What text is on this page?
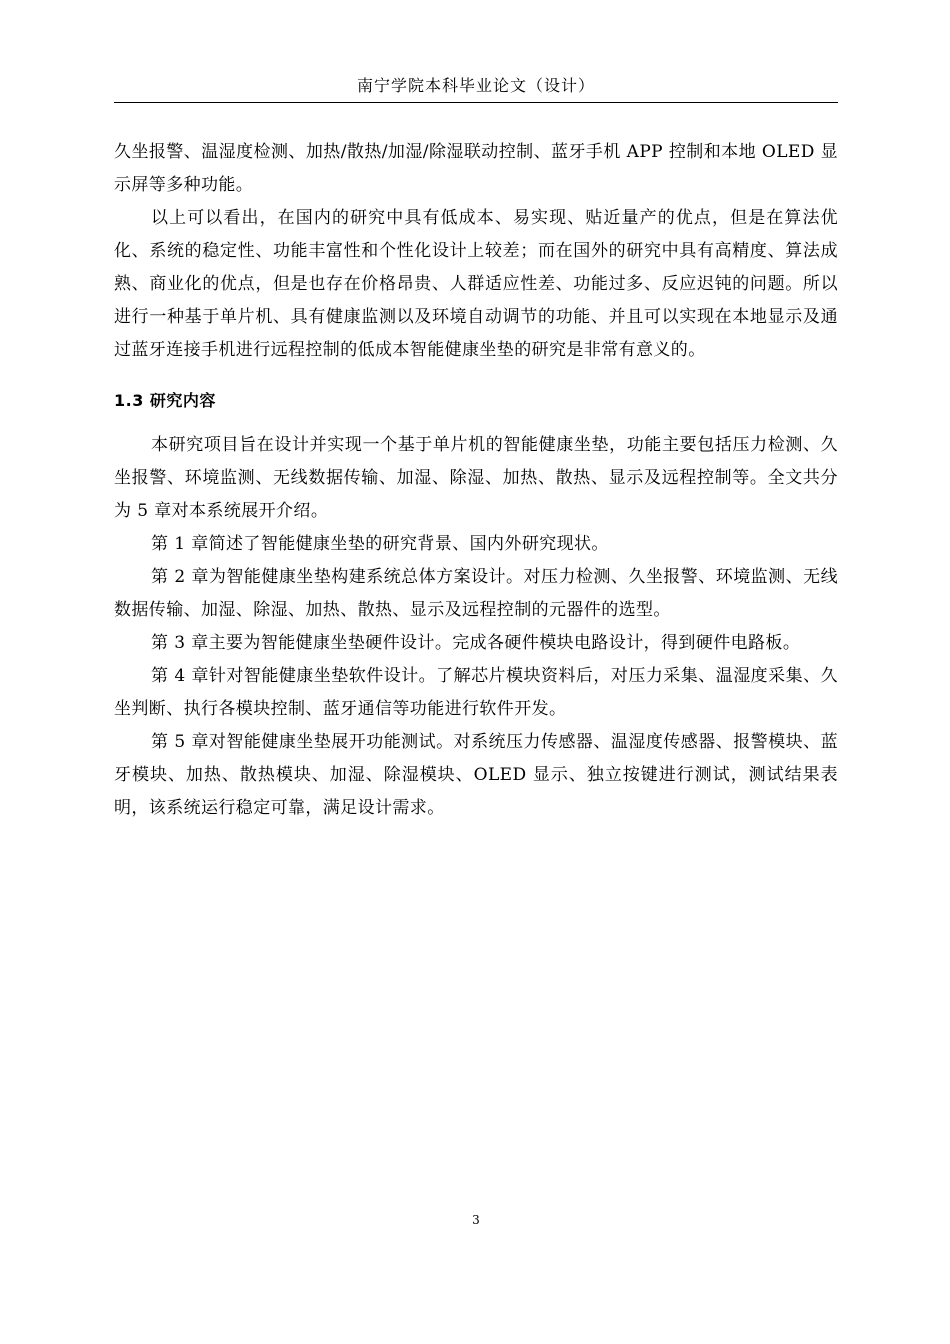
南宁学院本科毕业论文（设计）

久坐报警、温湿度检测、加热/散热/加湿/除湿联动控制、蓝牙手机 APP 控制和本地 OLED 显示屏等多种功能。

以上可以看出，在国内的研究中具有低成本、易实现、贴近量产的优点，但是在算法优化、系统的稳定性、功能丰富性和个性化设计上较差；而在国外的研究中具有高精度、算法成熟、商业化的优点，但是也存在价格昂贵、人群适应性差、功能过多、反应迟钝的问题。所以进行一种基于单片机、具有健康监测以及环境自动调节的功能、并且可以实现在本地显示及通过蓝牙连接手机进行远程控制的低成本智能健康坐垫的研究是非常有意义的。

1.3 研究内容

本研究项目旨在设计并实现一个基于单片机的智能健康坐垫，功能主要包括压力检测、久坐报警、环境监测、无线数据传输、加湿、除湿、加热、散热、显示及远程控制等。全文共分为 5 章对本系统展开介绍。

第 1 章简述了智能健康坐垫的研究背景、国内外研究现状。

第 2 章为智能健康坐垫构建系统总体方案设计。对压力检测、久坐报警、环境监测、无线数据传输、加湿、除湿、加热、散热、显示及远程控制的元器件的选型。

第 3 章主要为智能健康坐垫硬件设计。完成各硬件模块电路设计，得到硬件电路板。

第 4 章针对智能健康坐垫软件设计。了解芯片模块资料后，对压力采集、温湿度采集、久坐判断、执行各模块控制、蓝牙通信等功能进行软件开发。

第 5 章对智能健康坐垫展开功能测试。对系统压力传感器、温湿度传感器、报警模块、蓝牙模块、加热、散热模块、加湿、除湿模块、OLED 显示、独立按键进行测试，测试结果表明，该系统运行稳定可靠，满足设计需求。

3
